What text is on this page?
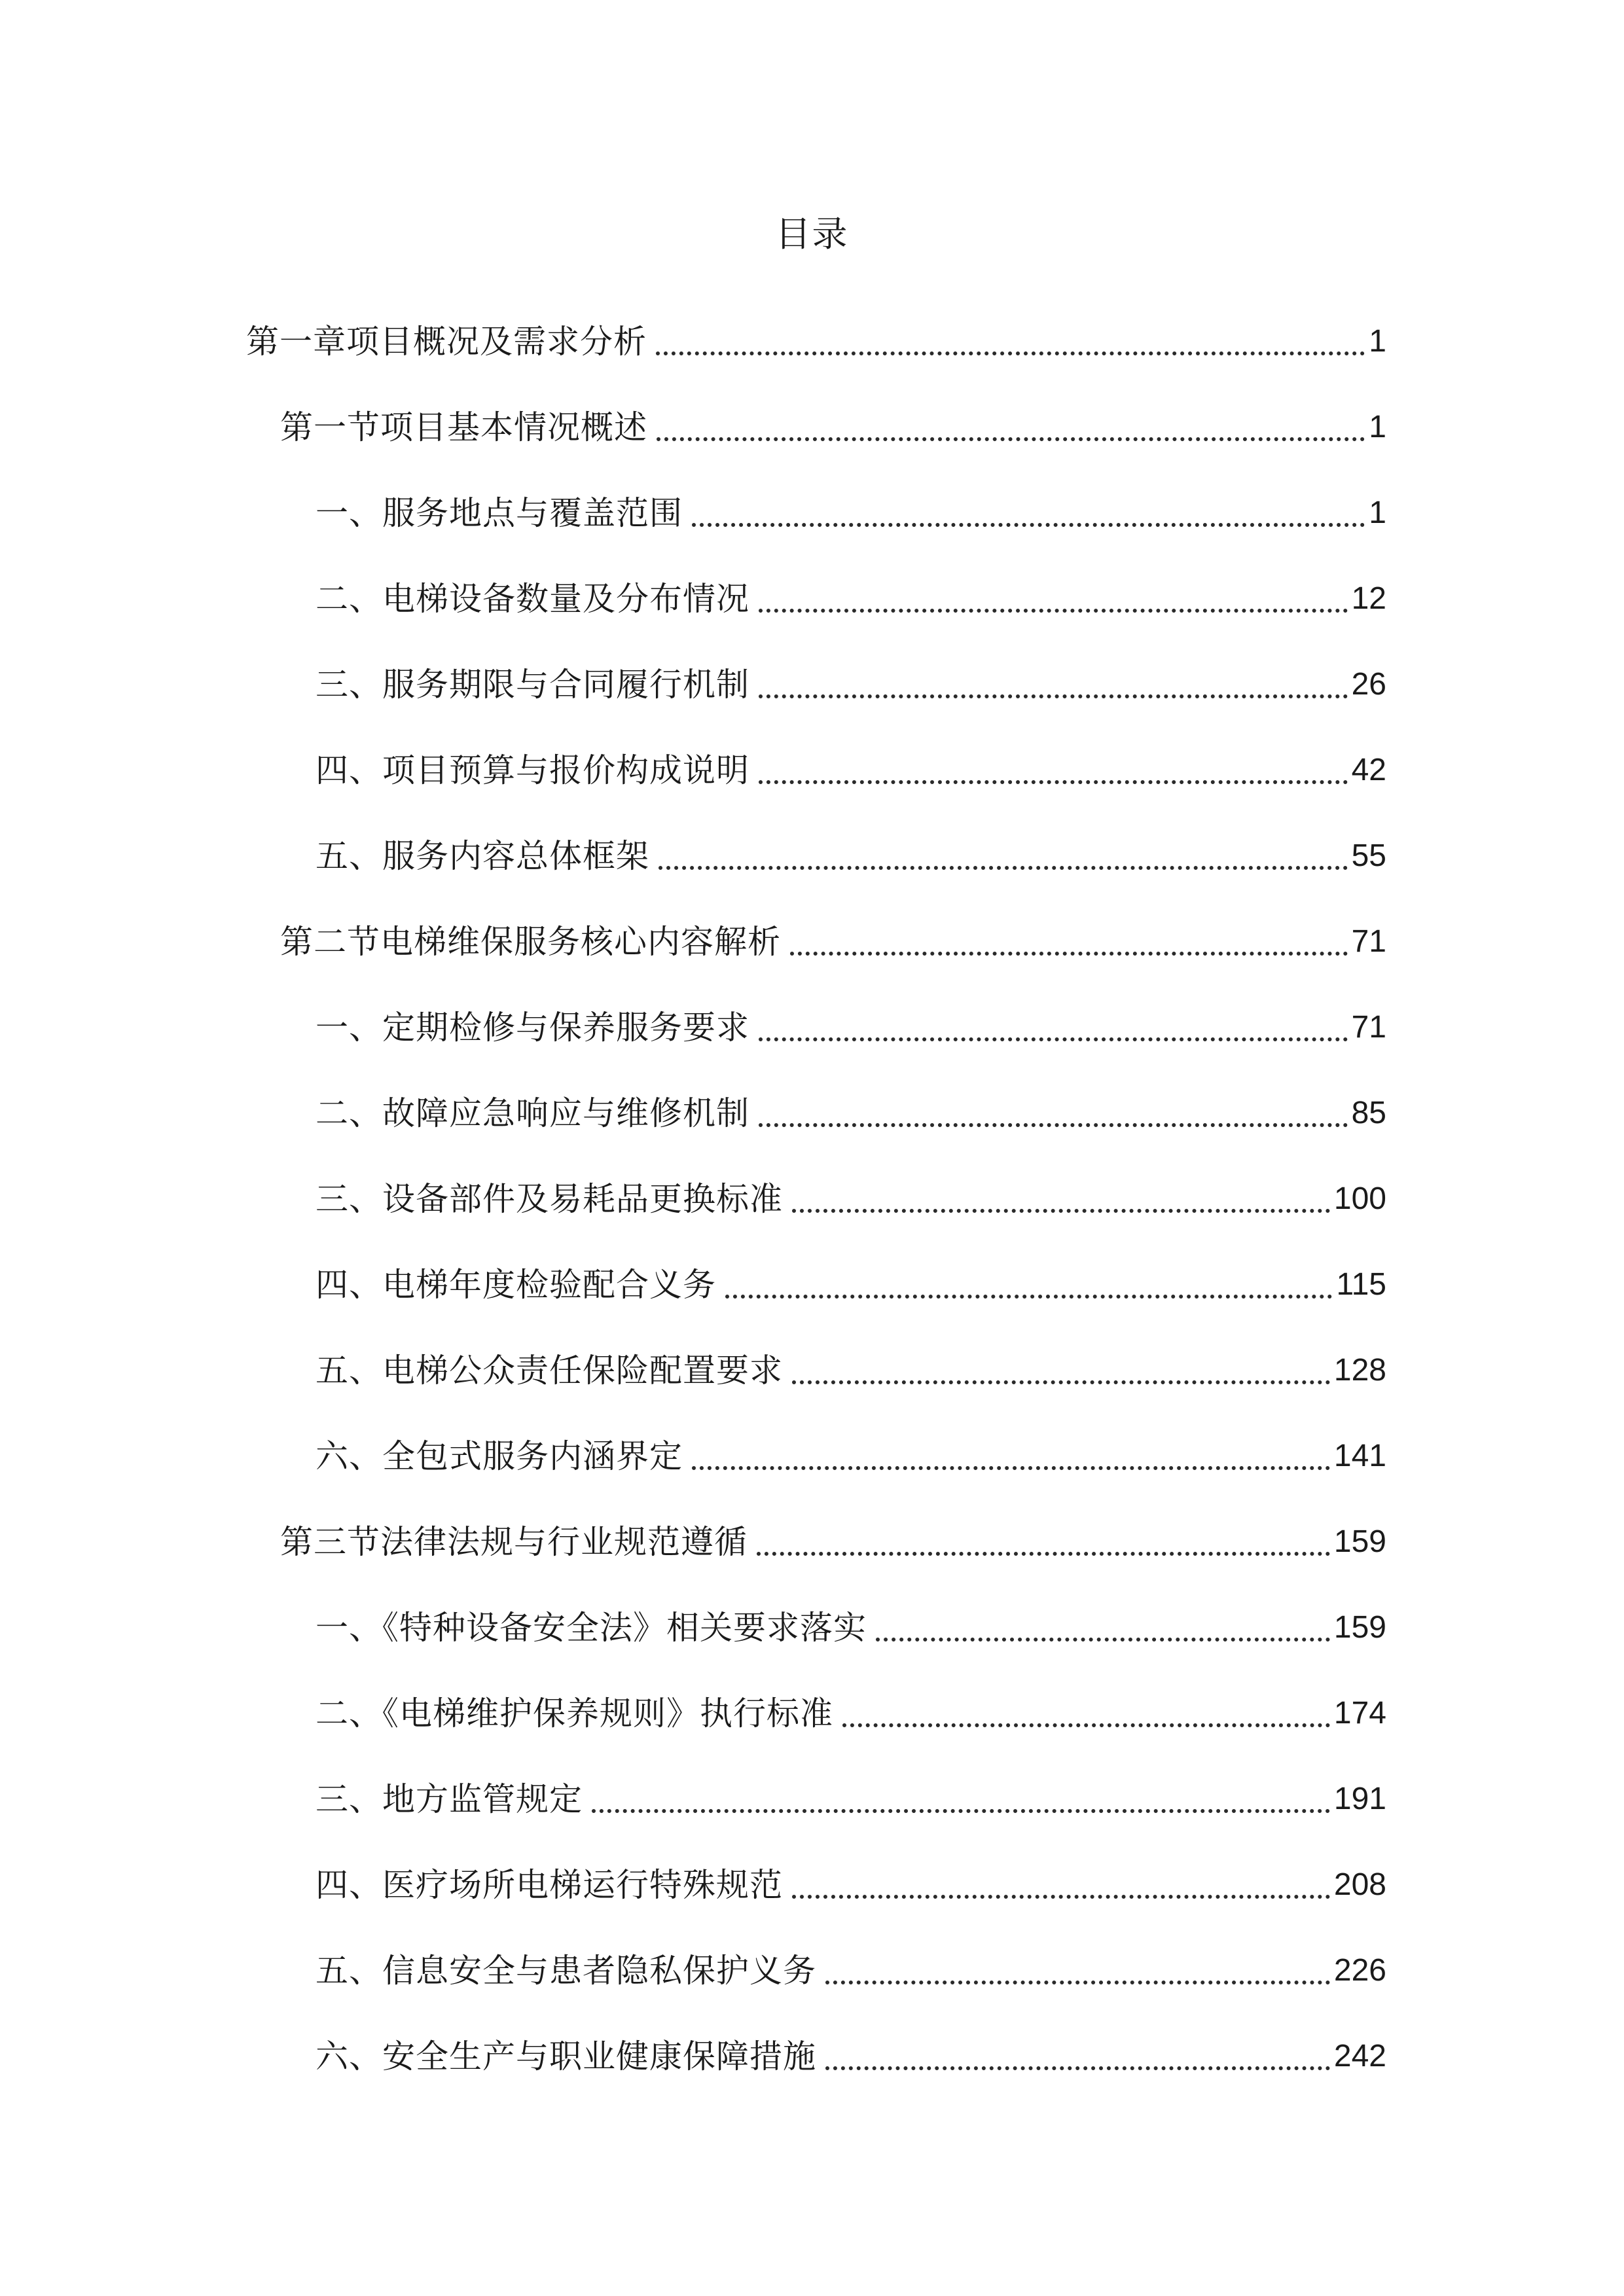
目录
第一章项目概况及需求分析	1
第一节项目基本情况概述	1
一、服务地点与覆盖范围	1
二、电梯设备数量及分布情况	12
三、服务期限与合同履行机制	26
四、项目预算与报价构成说明	42
五、服务内容总体框架	55
第二节电梯维保服务核心内容解析	71
一、定期检修与保养服务要求	71
二、故障应急响应与维修机制	85
三、设备部件及易耗品更换标准	100
四、电梯年度检验配合义务	115
五、电梯公众责任保险配置要求	128
六、全包式服务内涵界定	141
第三节法律法规与行业规范遵循	159
一、《特种设备安全法》相关要求落实	159
二、《电梯维护保养规则》执行标准	174
三、地方监管规定	191
四、医疗场所电梯运行特殊规范	208
五、信息安全与患者隐私保护义务	226
六、安全生产与职业健康保障措施	242
